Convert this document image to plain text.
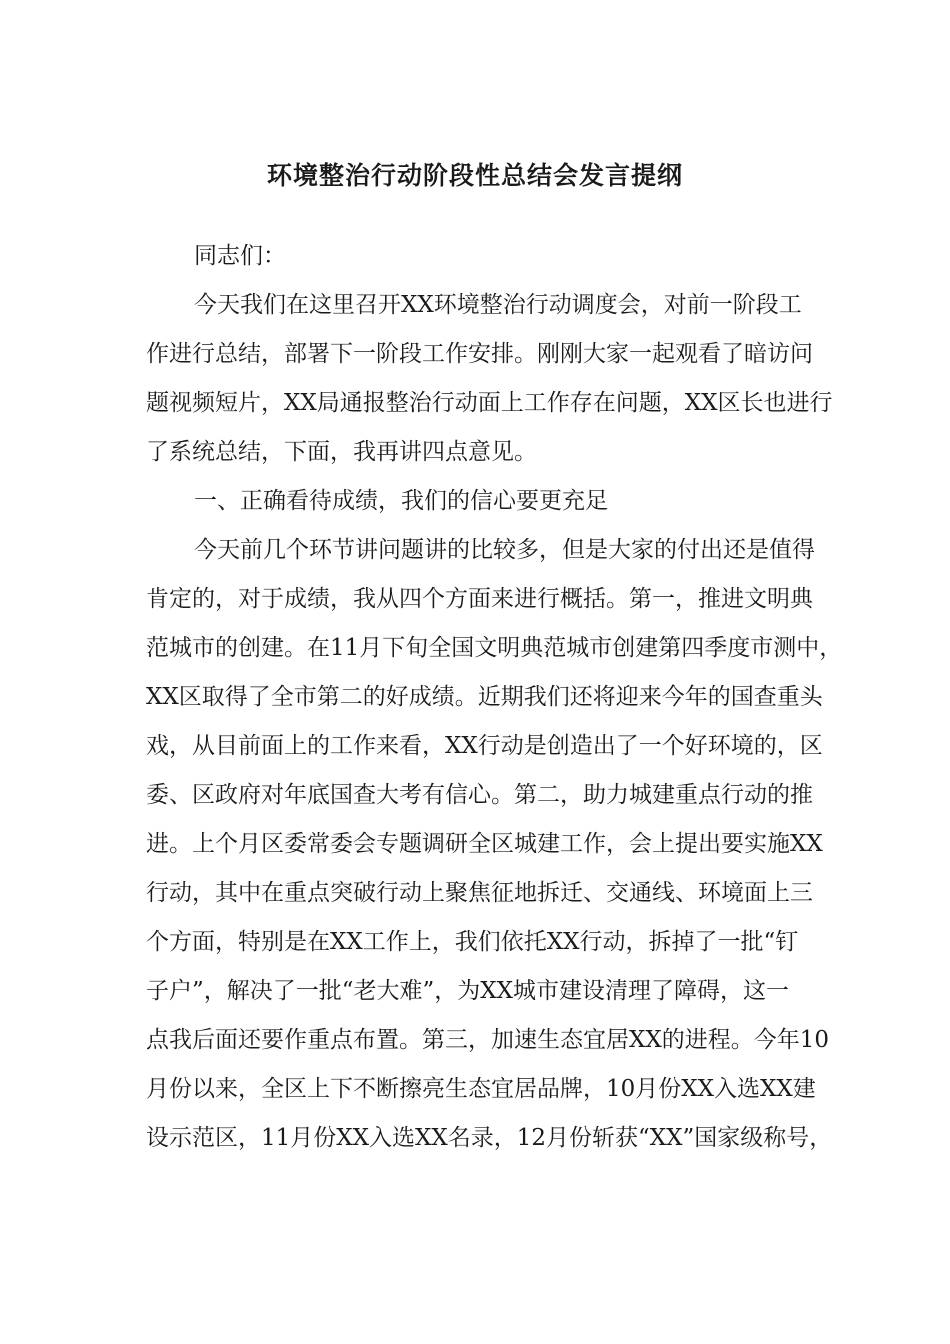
环境整治行动阶段性总结会发言提纲
同志们：
今天我们在这里召开XX环境整治行动调度会，对前一阶段工
作进行总结，部署下一阶段工作安排。刚刚大家一起观看了暗访问
题视频短片，XX局通报整治行动面上工作存在问题，XX区长也进行
了系统总结，下面，我再讲四点意见。
一、正确看待成绩，我们的信心要更充足
今天前几个环节讲问题讲的比较多，但是大家的付出还是值得
肯定的，对于成绩，我从四个方面来进行概括。第一，推进文明典
范城市的创建。在11月下旬全国文明典范城市创建第四季度市测中，
XX区取得了全市第二的好成绩。近期我们还将迎来今年的国查重头
戏，从目前面上的工作来看，XX行动是创造出了一个好环境的，区
委、区政府对年底国查大考有信心。第二，助力城建重点行动的推
进。上个月区委常委会专题调研全区城建工作，会上提出要实施XX
行动，其中在重点突破行动上聚焦征地拆迁、交通线、环境面上三
个方面，特别是在XX工作上，我们依托XX行动，拆掉了一批“钉
子户”，解决了一批“老大难”，为XX城市建设清理了障碍，这一
点我后面还要作重点布置。第三，加速生态宜居XX的进程。今年10
月份以来，全区上下不断擦亮生态宜居品牌，10月份XX入选XX建
设示范区，11月份XX入选XX名录，12月份斩获“XX”国家级称号，
